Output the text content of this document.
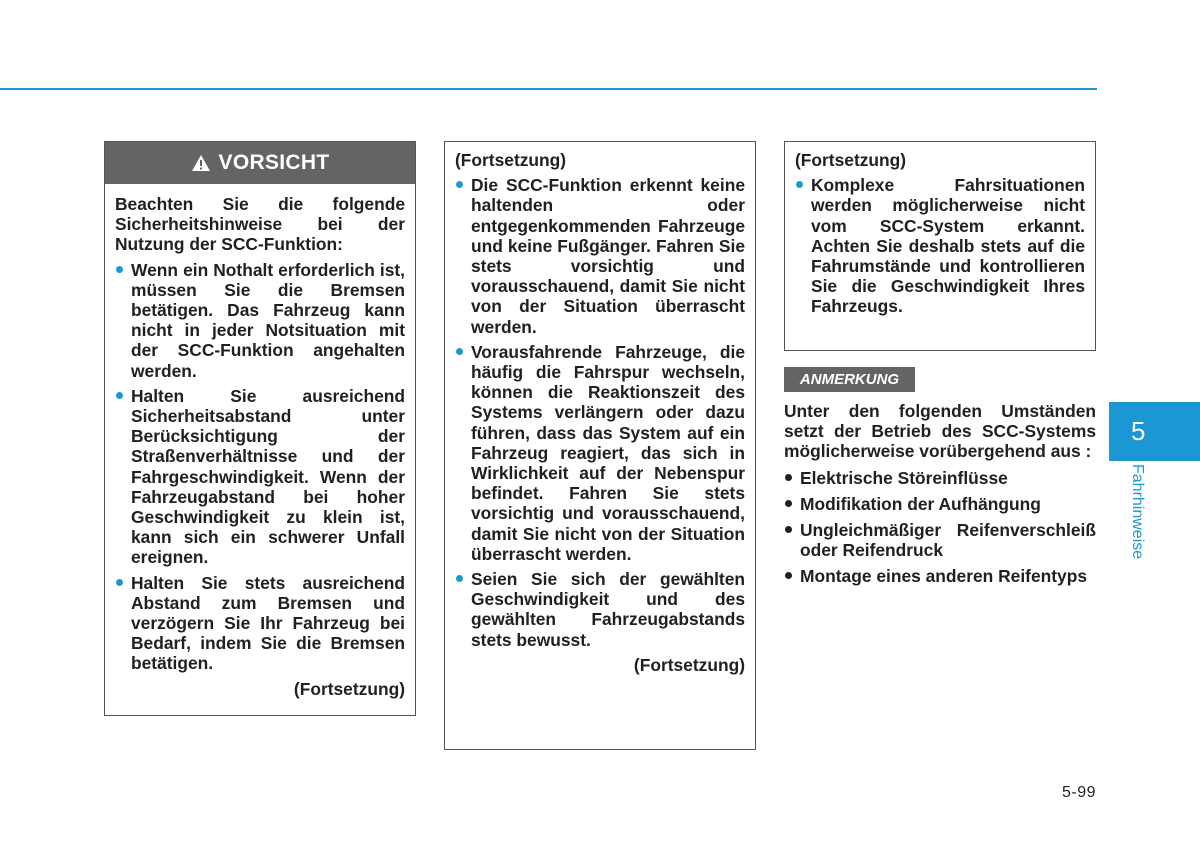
VORSICHT
Beachten Sie die folgende Sicherheitshinweise bei der Nutzung der SCC-Funktion:
Wenn ein Nothalt erforderlich ist, müssen Sie die Bremsen betätigen. Das Fahrzeug kann nicht in jeder Notsituation mit der SCC-Funktion angehalten werden.
Halten Sie ausreichend Sicherheitsabstand unter Berücksichtigung der Straßenverhältnisse und der Fahrgeschwindigkeit. Wenn der Fahrzeugabstand bei hoher Geschwindigkeit zu klein ist, kann sich ein schwerer Unfall ereignen.
Halten Sie stets ausreichend Abstand zum Bremsen und verzögern Sie Ihr Fahrzeug bei Bedarf, indem Sie die Bremsen betätigen.
(Fortsetzung)
(Fortsetzung)
Die SCC-Funktion erkennt keine haltenden oder entgegenkommenden Fahrzeuge und keine Fußgänger. Fahren Sie stets vorsichtig und vorausschauend, damit Sie nicht von der Situation überrascht werden.
Vorausfahrende Fahrzeuge, die häufig die Fahrspur wechseln, können die Reaktionszeit des Systems verlängern oder dazu führen, dass das System auf ein Fahrzeug reagiert, das sich in Wirklichkeit auf der Nebenspur befindet. Fahren Sie stets vorsichtig und vorausschauend, damit Sie nicht von der Situation überrascht werden.
Seien Sie sich der gewählten Geschwindigkeit und des gewählten Fahrzeugabstands stets bewusst.
(Fortsetzung)
(Fortsetzung)
Komplexe Fahrsituationen werden möglicherweise nicht vom SCC-System erkannt. Achten Sie deshalb stets auf die Fahrumstände und kontrollieren Sie die Geschwindigkeit Ihres Fahrzeugs.
ANMERKUNG
Unter den folgenden Umständen setzt der Betrieb des SCC-Systems möglicherweise vorübergehend aus :
Elektrische Störeinflüsse
Modifikation der Aufhängung
Ungleichmäßiger Reifenverschleiß oder Reifendruck
Montage eines anderen Reifentyps
5
Fahrhinweise
5-99
